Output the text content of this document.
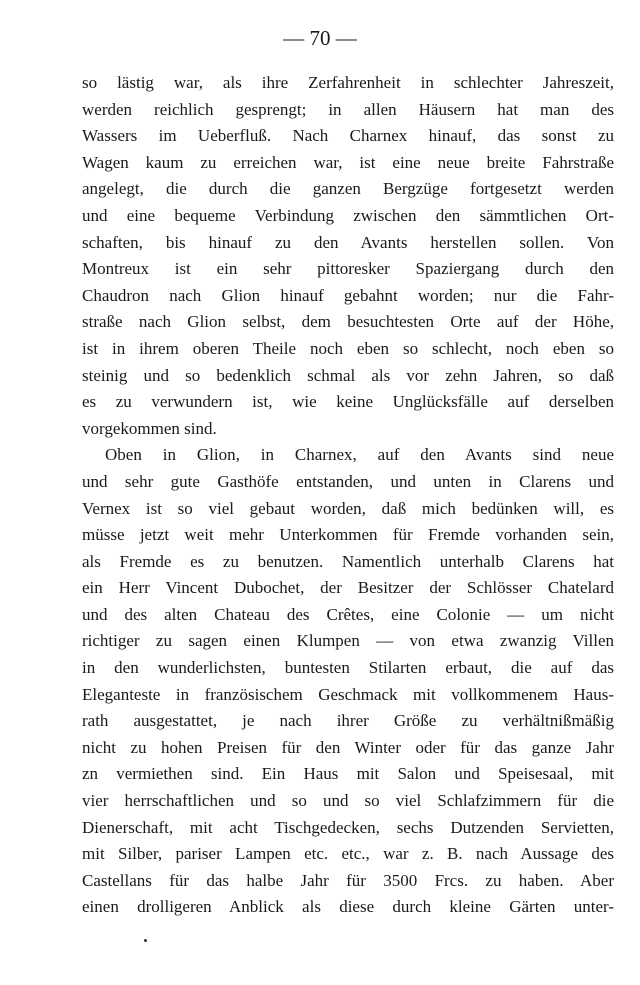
— 70 —
so lästig war, als ihre Zerfahrenheit in schlechter Jahreszeit,
werden reichlich gesprengt; in allen Häusern hat man des
Wassers im Ueberfluß. Nach Charnex hinauf, das sonst zu
Wagen kaum zu erreichen war, ist eine neue breite Fahrstraße
angelegt, die durch die ganzen Bergzüge fortgesetzt werden
und eine bequeme Verbindung zwischen den sämmtlichen Ort-
schaften, bis hinauf zu den Avants herstellen sollen. Von
Montreux ist ein sehr pittoresker Spaziergang durch den
Chaudron nach Glion hinauf gebahnt worden; nur die Fahr-
straße nach Glion selbst, dem besuchtesten Orte auf der Höhe,
ist in ihrem oberen Theile noch eben so schlecht, noch eben so
steinig und so bedenklich schmal als vor zehn Jahren, so daß
es zu verwundern ist, wie keine Unglücksfälle auf derselben
vorgekommen sind.
Oben in Glion, in Charnex, auf den Avants sind neue
und sehr gute Gasthöfe entstanden, und unten in Clarens und
Vernex ist so viel gebaut worden, daß mich bedünken will, es
müsse jetzt weit mehr Unterkommen für Fremde vorhanden sein,
als Fremde es zu benutzen. Namentlich unterhalb Clarens hat
ein Herr Vincent Dubochet, der Besitzer der Schlösser Chatelard
und des alten Chateau des Crêtes, eine Colonie — um nicht
richtiger zu sagen einen Klumpen — von etwa zwanzig Villen
in den wunderlichsten, buntesten Stilarten erbaut, die auf das
Eleganteste in französischem Geschmack mit vollkommenem Haus-
rath ausgestattet, je nach ihrer Größe zu verhältnißmäßig
nicht zu hohen Preisen für den Winter oder für das ganze Jahr
zn vermiethen sind. Ein Haus mit Salon und Speisesaal, mit
vier herrschaftlichen und so und so viel Schlafzimmern für die
Dienerschaft, mit acht Tischgedecken, sechs Dutzenden Servietten,
mit Silber, pariser Lampen etc. etc., war z. B. nach Aussage des
Castellans für das halbe Jahr für 3500 Frcs. zu haben. Aber
einen drolligeren Anblick als diese durch kleine Gärten unter-
